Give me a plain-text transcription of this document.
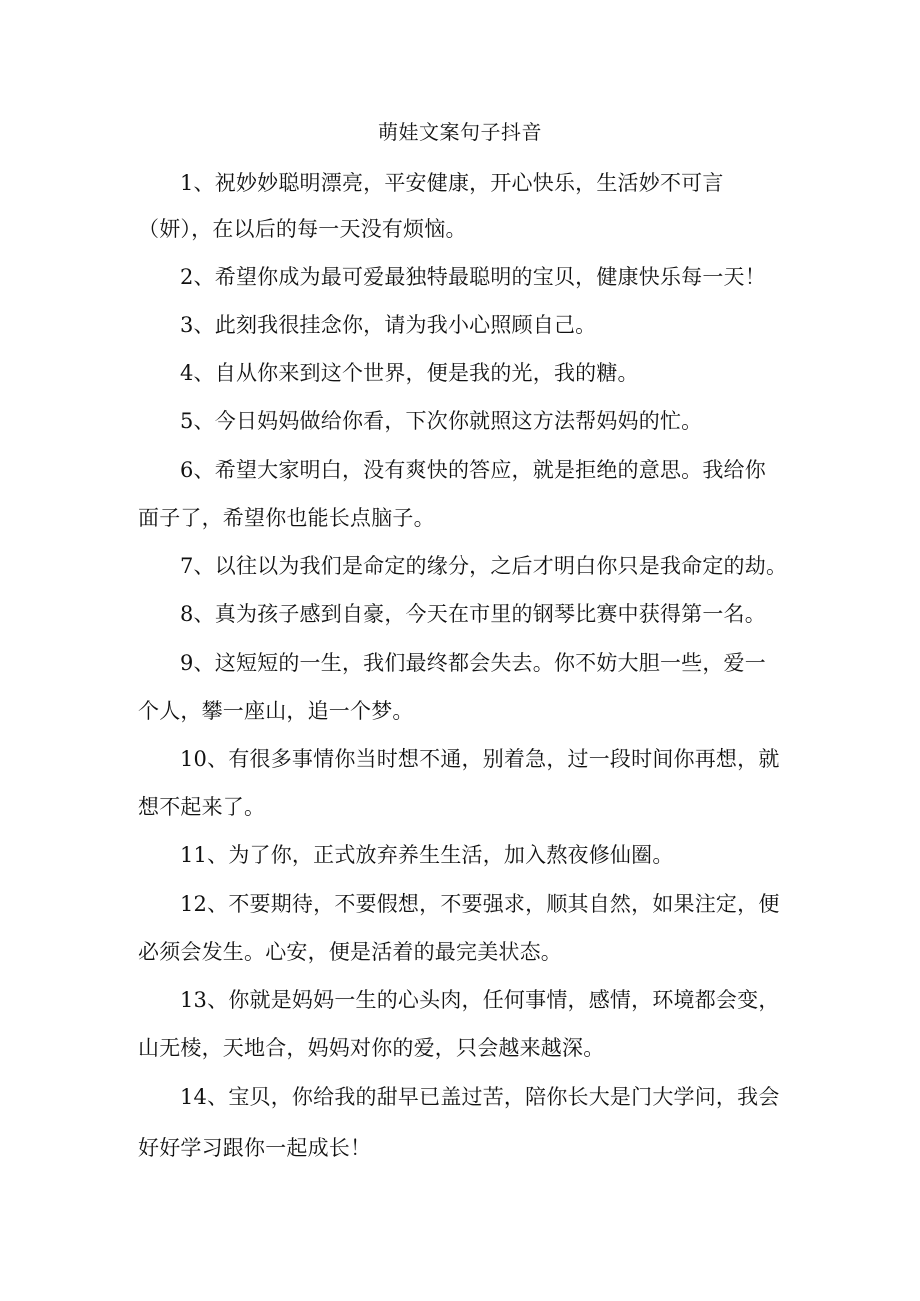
萌娃文案句子抖音
1、祝妙妙聪明漂亮，平安健康，开心快乐，生活妙不可言
（妍），在以后的每一天没有烦恼。
2、希望你成为最可爱最独特最聪明的宝贝，健康快乐每一天！
3、此刻我很挂念你，请为我小心照顾自己。
4、自从你来到这个世界，便是我的光，我的糖。
5、今日妈妈做给你看，下次你就照这方法帮妈妈的忙。
6、希望大家明白，没有爽快的答应，就是拒绝的意思。我给你
面子了，希望你也能长点脑子。
7、以往以为我们是命定的缘分，之后才明白你只是我命定的劫。
8、真为孩子感到自豪，今天在市里的钢琴比赛中获得第一名。
9、这短短的一生，我们最终都会失去。你不妨大胆一些，爱一
个人，攀一座山，追一个梦。
10、有很多事情你当时想不通，别着急，过一段时间你再想，就
想不起来了。
11、为了你，正式放弃养生生活，加入熬夜修仙圈。
12、不要期待，不要假想，不要强求，顺其自然，如果注定，便
必须会发生。心安，便是活着的最完美状态。
13、你就是妈妈一生的心头肉，任何事情，感情，环境都会变，
山无棱，天地合，妈妈对你的爱，只会越来越深。
14、宝贝，你给我的甜早已盖过苦，陪你长大是门大学问，我会
好好学习跟你一起成长！
